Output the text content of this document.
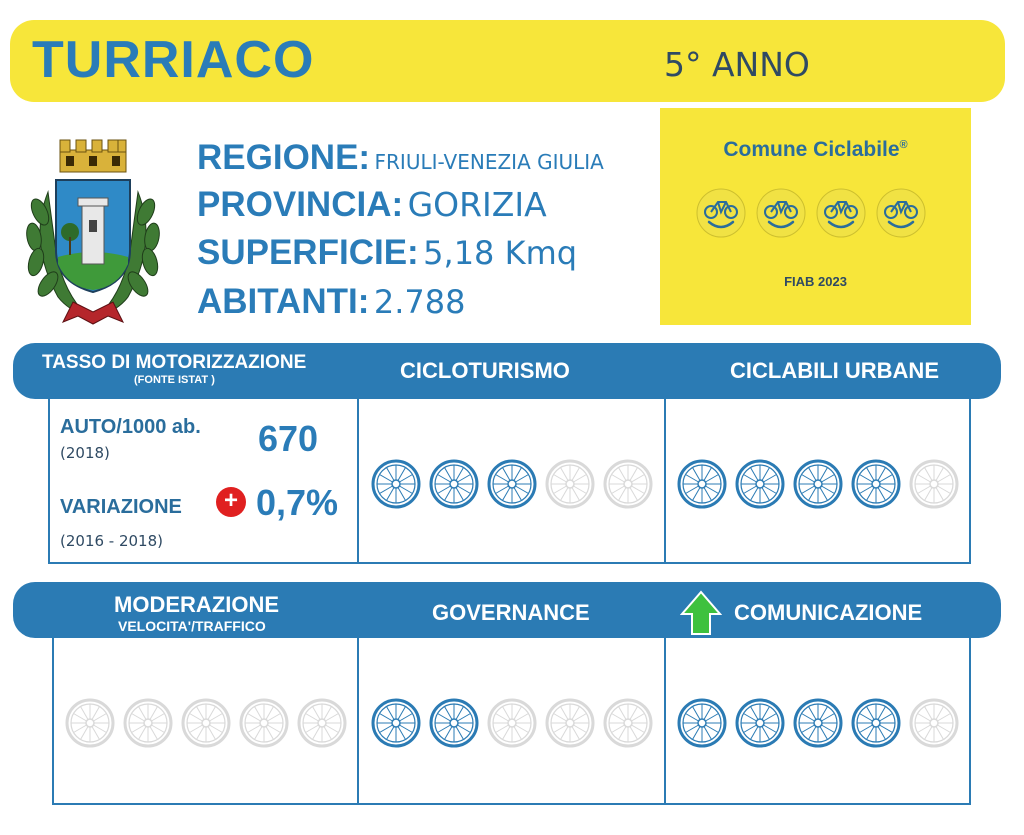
TURRIACO	5° ANNO
REGIONE: FRIULI-VENEZIA GIULIA
PROVINCIA: GORIZIA
SUPERFICIE: 5,18 Kmq
ABITANTI: 2.788
Comune Ciclabile®
FIAB 2023
TASSO DI MOTORIZZAZIONE
(FONTE ISTAT )	CICLOTURISMO	CICLABILI URBANE
AUTO/1000 ab.
(2018)	670
VARIAZIONE	+ 0,7%
(2016 - 2018)
MODERAZIONE
VELOCITA'/TRAFFICO
GOVERNANCE	COMUNICAZIONE
